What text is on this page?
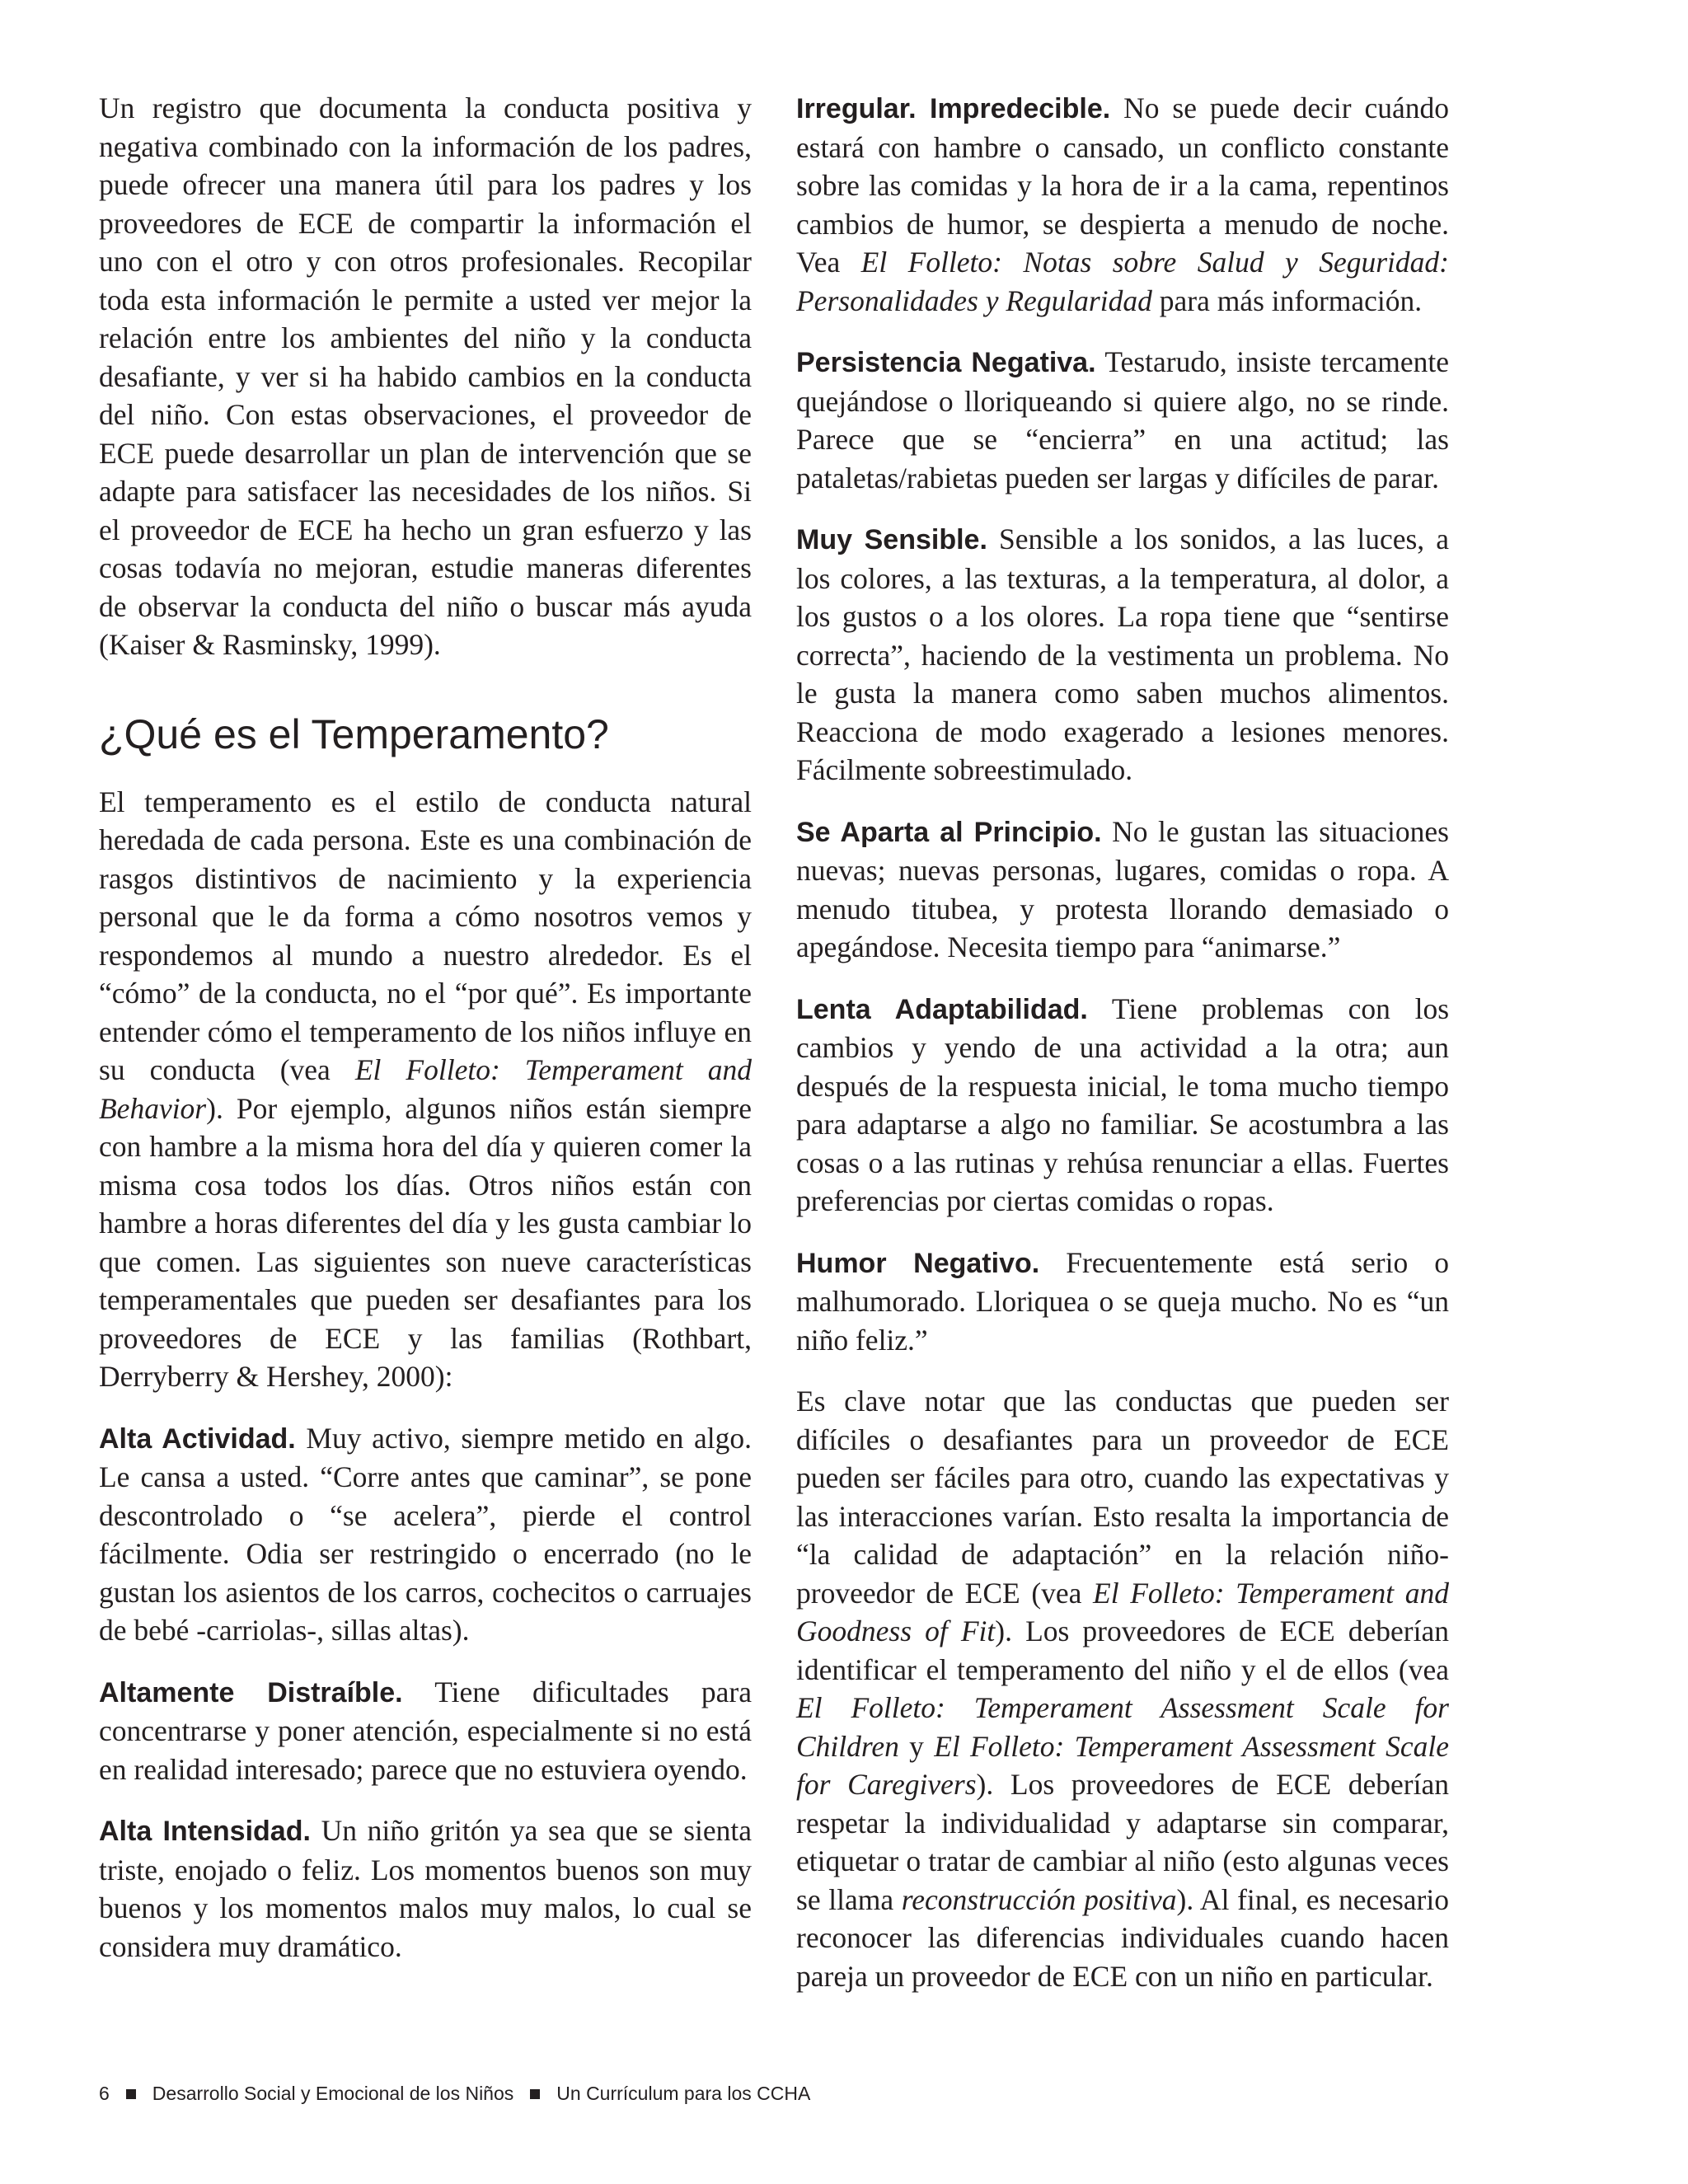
Un registro que documenta la conducta positiva y negativa combinado con la información de los padres, puede ofrecer una manera útil para los padres y los proveedores de ECE de compartir la información el uno con el otro y con otros profesionales. Recopilar toda esta información le permite a usted ver mejor la relación entre los ambientes del niño y la conducta desafiante, y ver si ha habido cambios en la conducta del niño. Con estas observaciones, el proveedor de ECE puede desarrollar un plan de intervención que se adapte para satisfacer las necesidades de los niños. Si el proveedor de ECE ha hecho un gran esfuerzo y las cosas todavía no mejoran, estudie maneras diferentes de observar la conducta del niño o buscar más ayuda (Kaiser & Rasminsky, 1999).

¿Qué es el Temperamento?

El temperamento es el estilo de conducta natural heredada de cada persona. Este es una combinación de rasgos distintivos de nacimiento y la experiencia personal que le da forma a cómo nosotros vemos y respondemos al mundo a nuestro alrededor. Es el “cómo” de la conducta, no el “por qué”. Es importante entender cómo el temperamento de los niños influye en su conducta (vea El Folleto: Temperament and Behavior). Por ejemplo, algunos niños están siempre con hambre a la misma hora del día y quieren comer la misma cosa todos los días. Otros niños están con hambre a horas diferentes del día y les gusta cambiar lo que comen. Las siguientes son nueve características temperamentales que pueden ser desafiantes para los proveedores de ECE y las familias (Rothbart, Derryberry & Hershey, 2000):

Alta Actividad. Muy activo, siempre metido en algo. Le cansa a usted. “Corre antes que caminar”, se pone descontrolado o “se acelera”, pierde el control fácilmente. Odia ser restringido o encerrado (no le gustan los asientos de los carros, cochecitos o carruajes de bebé -carriolas-, sillas altas).

Altamente Distraíble. Tiene dificultades para concentrarse y poner atención, especialmente si no está en realidad interesado; parece que no estuviera oyendo.

Alta Intensidad. Un niño gritón ya sea que se sienta triste, enojado o feliz. Los momentos buenos son muy buenos y los momentos malos muy malos, lo cual se considera muy dramático.

Irregular. Impredecible. No se puede decir cuándo estará con hambre o cansado, un conflicto constante sobre las comidas y la hora de ir a la cama, repentinos cambios de humor, se despierta a menudo de noche. Vea El Folleto: Notas sobre Salud y Seguridad: Personalidades y Regularidad para más información.

Persistencia Negativa. Testarudo, insiste tercamente quejándose o lloriqueando si quiere algo, no se rinde. Parece que se “encierra” en una actitud; las pataletas/rabietas pueden ser largas y difíciles de parar.

Muy Sensible. Sensible a los sonidos, a las luces, a los colores, a las texturas, a la temperatura, al dolor, a los gustos o a los olores. La ropa tiene que “sentirse correcta”, haciendo de la vestimenta un problema. No le gusta la manera como saben muchos alimentos. Reacciona de modo exagerado a lesiones menores. Fácilmente sobreestimulado.

Se Aparta al Principio. No le gustan las situaciones nuevas; nuevas personas, lugares, comidas o ropa. A menudo titubea, y protesta llorando demasiado o apegándose. Necesita tiempo para “animarse.”

Lenta Adaptabilidad. Tiene problemas con los cambios y yendo de una actividad a la otra; aun después de la respuesta inicial, le toma mucho tiempo para adaptarse a algo no familiar. Se acostumbra a las cosas o a las rutinas y rehúsa renunciar a ellas. Fuertes preferencias por ciertas comidas o ropas.

Humor Negativo. Frecuentemente está serio o malhumorado. Lloriquea o se queja mucho. No es “un niño feliz.”

Es clave notar que las conductas que pueden ser difíciles o desafiantes para un proveedor de ECE pueden ser fáciles para otro, cuando las expectativas y las interacciones varían. Esto resalta la importancia de “la calidad de adaptación” en la relación niño-proveedor de ECE (vea El Folleto: Temperament and Goodness of Fit). Los proveedores de ECE deberían identificar el temperamento del niño y el de ellos (vea El Folleto: Temperament Assessment Scale for Children y El Folleto: Temperament Assessment Scale for Caregivers). Los proveedores de ECE deberían respetar la individualidad y adaptarse sin comparar, etiquetar o tratar de cambiar al niño (esto algunas veces se llama reconstrucción positiva). Al final, es necesario reconocer las diferencias individuales cuando hacen pareja un proveedor de ECE con un niño en particular.

6 Desarrollo Social y Emocional de los Niños Un Currículum para los CCHA
